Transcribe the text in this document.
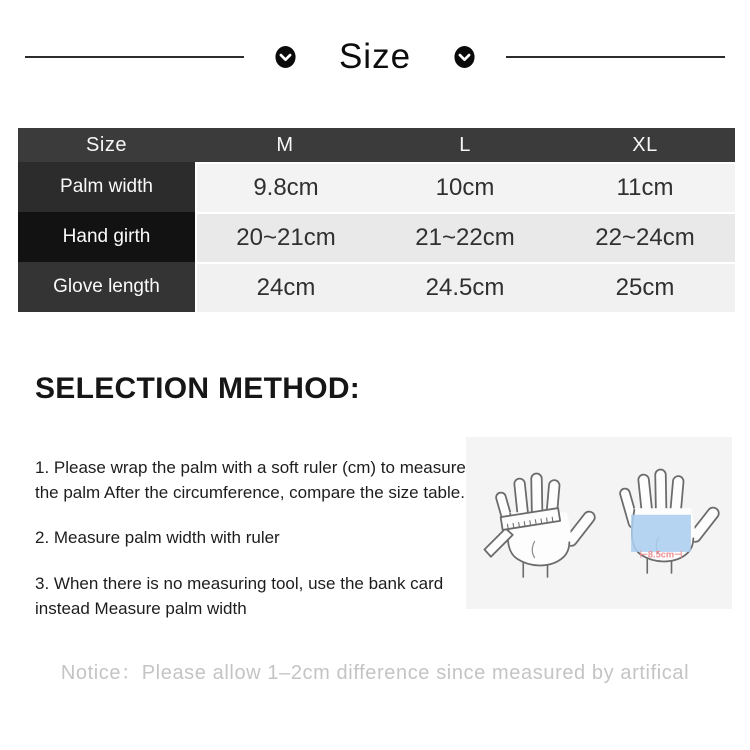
Size
Size	M	L	XL
Palm width	9.8cm	10cm	11cm
Hand girth	20~21cm	21~22cm	22~24cm
Glove length	24cm	24.5cm	25cm
SELECTION METHOD:

1. Please wrap the palm with a soft ruler (cm) to measure the palm After the circumference, compare the size table.

2. Measure palm width with ruler

3. When there is no measuring tool, use the bank card instead Measure palm width

⊢8.5cm⊣
Notice：Please allow 1–2cm difference since measured by artifical
